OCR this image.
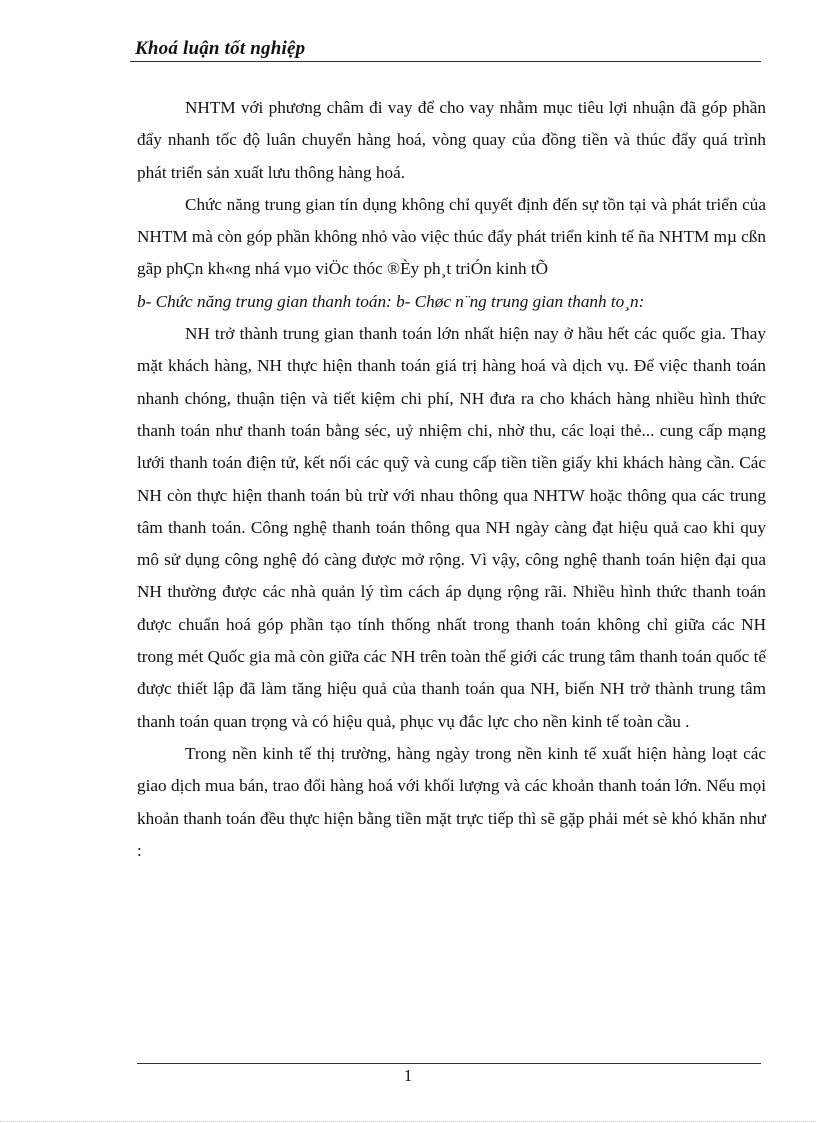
Khoá luận tốt nghiệp

NHTM với phương châm đi vay để cho vay nhằm mục tiêu lợi nhuận đã góp phần đẩy nhanh tốc độ luân chuyển hàng hoá, vòng quay của đồng tiền và thúc đẩy quá trình phát triển sản xuất lưu thông hàng hoá.

Chức năng trung gian tín dụng không chỉ quyết định đến sự tồn tại và phát triển của NHTM mà còn góp phần không nhỏ vào việc thúc đẩy phát triển kinh tế ña NHTM mµ cßn gãp phÇn kh«ng nhá vµo viÖc thóc ®Èy ph¸t triÓn kinh tÕ

b- Chức năng trung gian thanh toán: b- Chøc n¨ng trung gian thanh to¸n:

NH trở thành trung gian thanh toán lớn nhất hiện nay ở hầu hết các quốc gia. Thay mặt khách hàng, NH thực hiện thanh toán giá trị hàng hoá và dịch vụ. Để việc thanh toán nhanh chóng, thuận tiện và tiết kiệm chi phí, NH đưa ra cho khách hàng nhiều hình thức thanh toán như thanh toán bằng séc, uỷ nhiệm chi, nhờ thu, các loại thẻ... cung cấp mạng lưới thanh toán điện tử, kết nối các quỹ và cung cấp tiền tiền giấy khi khách hàng cần. Các NH còn thực hiện thanh toán bù trừ với nhau thông qua NHTW hoặc thông qua các trung tâm thanh toán. Công nghệ thanh toán thông qua NH ngày càng đạt hiệu quả cao khi quy mô sử dụng công nghệ đó càng được mở rộng. Vì vậy, công nghệ thanh toán hiện đại qua NH thường được các nhà quản lý tìm cách áp dụng rộng rãi. Nhiều hình thức thanh toán được chuẩn hoá góp phần tạo tính thống nhất trong thanh toán không chỉ giữa các NH trong mét Quốc gia mà còn giữa các NH trên toàn thế giới các trung tâm thanh toán quốc tế được thiết lập đã làm tăng hiệu quả của thanh toán qua NH, biến NH trở thành trung tâm thanh toán quan trọng và có hiệu quả, phục vụ đắc lực cho nền kinh tế toàn cầu .

Trong nền kinh tế thị trường, hàng ngày trong nền kinh tế xuất hiện hàng loạt các giao dịch mua bán, trao đổi hàng hoá với khối lượng và các khoản thanh toán lớn. Nếu mọi khoản thanh toán đều thực hiện bằng tiền mặt trực tiếp thì sẽ gặp phải mét sè khó khăn như :

1
